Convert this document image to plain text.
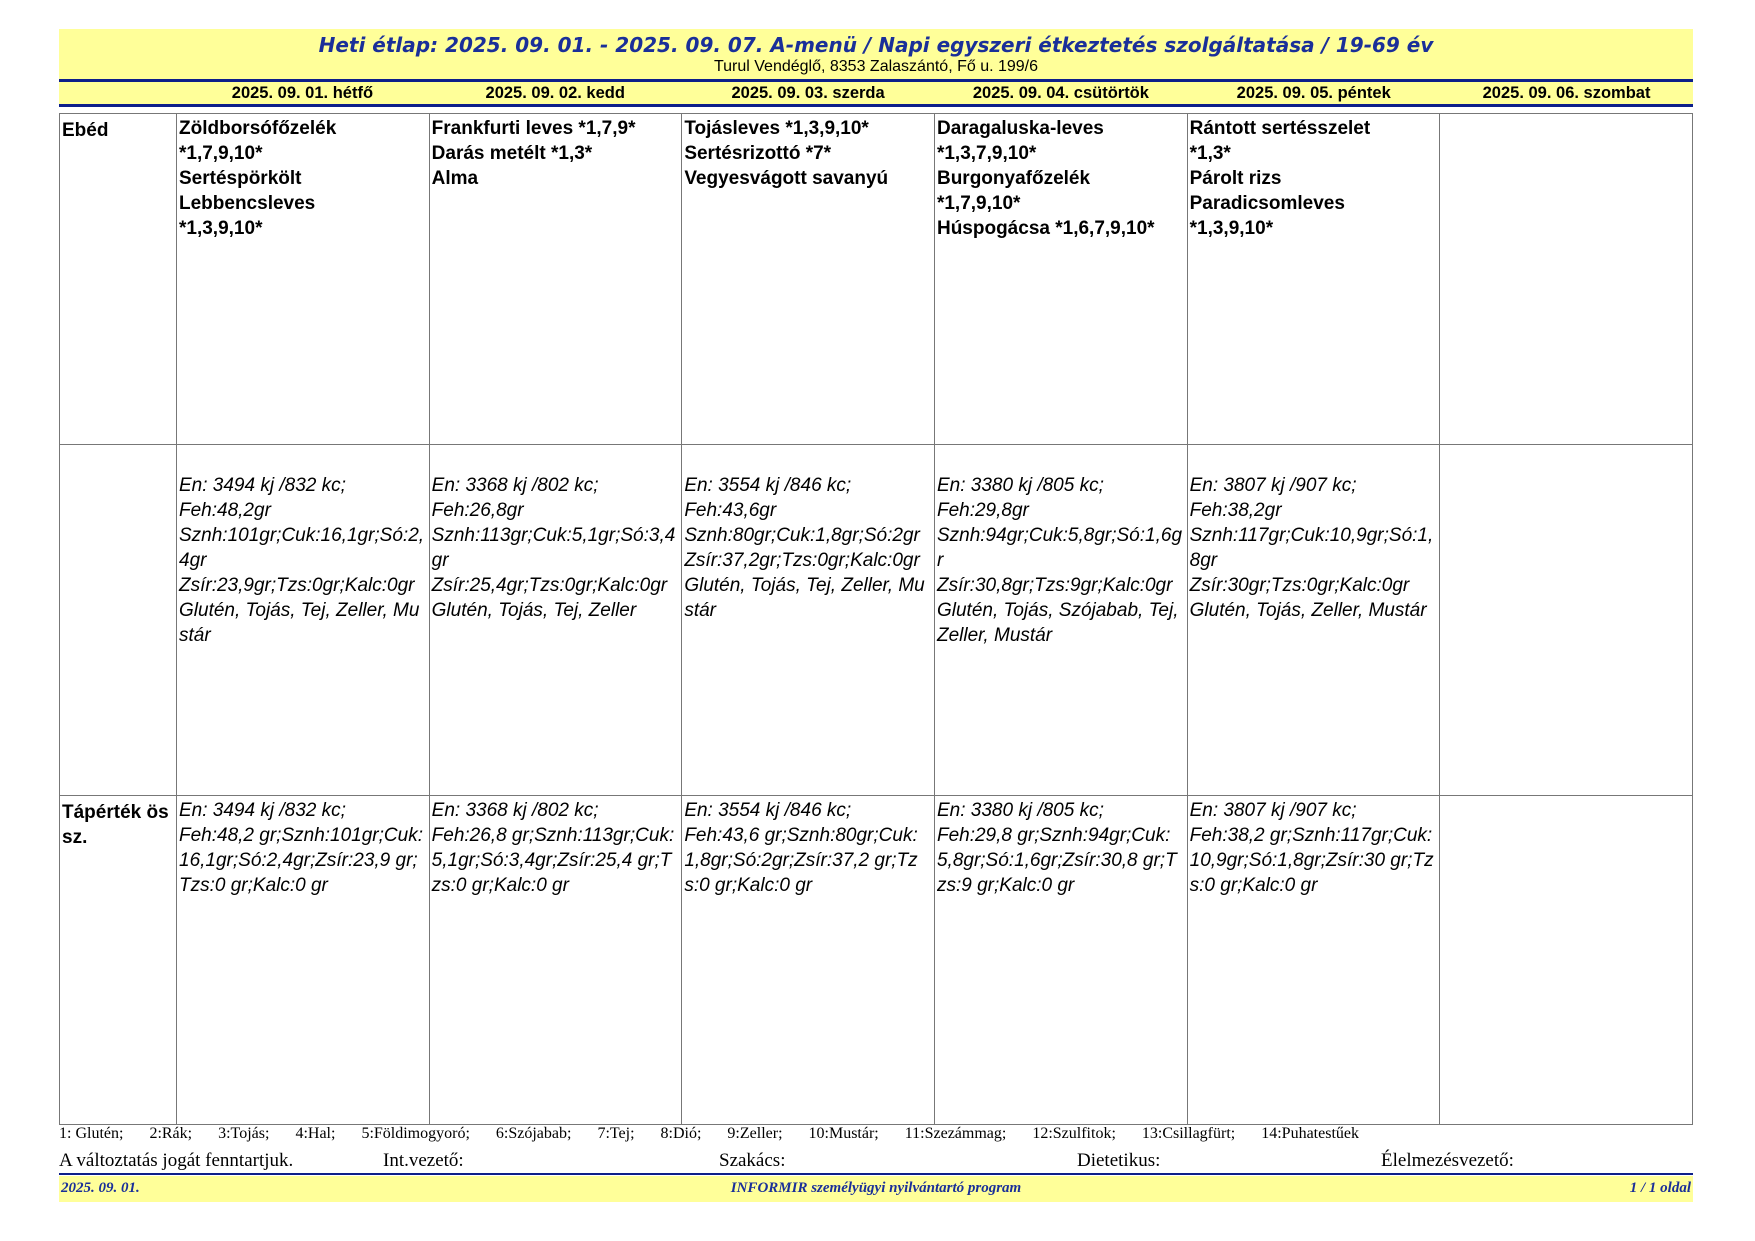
Heti étlap: 2025. 09. 01. - 2025. 09. 07. A-menü / Napi egyszeri étkeztetés szolgáltatása / 19-69 év
Turul Vendéglő, 8353 Zalaszántó, Fő u. 199/6
2025. 09. 01. hétfő	2025. 09. 02. kedd	2025. 09. 03. szerda	2025. 09. 04. csütörtök	2025. 09. 05. péntek	2025. 09. 06. szombat
Ebéd	Zöldborsófőzelék
*1,7,9,10*
Sertéspörkölt
Lebbencsleves
*1,3,9,10*	Frankfurti leves *1,7,9*
Darás metélt *1,3*
Alma	Tojásleves *1,3,9,10*
Sertésrizottó *7*
Vegyesvágott savanyú	Daragaluska-leves
*1,3,7,9,10*
Burgonyafőzelék
*1,7,9,10*
Húspogácsa *1,6,7,9,10*	Rántott sertésszelet
*1,3*
Párolt rizs
Paradicsomleves
*1,3,9,10*	
	En: 3494 kj /832 kc;
Feh:48,2gr
Sznh:101gr;Cuk:16,1gr;Só:2,4gr
Zsír:23,9gr;Tzs:0gr;Kalc:0gr
Glutén, Tojás, Tej, Zeller, Mustár	En: 3368 kj /802 kc;
Feh:26,8gr
Sznh:113gr;Cuk:5,1gr;Só:3,4gr
Zsír:25,4gr;Tzs:0gr;Kalc:0gr
Glutén, Tojás, Tej, Zeller	En: 3554 kj /846 kc;
Feh:43,6gr
Sznh:80gr;Cuk:1,8gr;Só:2gr
Zsír:37,2gr;Tzs:0gr;Kalc:0gr
Glutén, Tojás, Tej, Zeller, Mustár	En: 3380 kj /805 kc;
Feh:29,8gr
Sznh:94gr;Cuk:5,8gr;Só:1,6gr
Zsír:30,8gr;Tzs:9gr;Kalc:0gr
Glutén, Tojás, Szójabab, Tej, Zeller, Mustár	En: 3807 kj /907 kc;
Feh:38,2gr
Sznh:117gr;Cuk:10,9gr;Só:1,8gr
Zsír:30gr;Tzs:0gr;Kalc:0gr
Glutén, Tojás, Zeller, Mustár	
Tápérték össz.	En: 3494 kj /832 kc;
Feh:48,2 gr;Sznh:101gr;Cuk:16,1gr;Só:2,4gr;Zsír:23,9 gr;Tzs:0 gr;Kalc:0 gr	En: 3368 kj /802 kc;
Feh:26,8 gr;Sznh:113gr;Cuk:5,1gr;Só:3,4gr;Zsír:25,4 gr;Tzs:0 gr;Kalc:0 gr	En: 3554 kj /846 kc;
Feh:43,6 gr;Sznh:80gr;Cuk:1,8gr;Só:2gr;Zsír:37,2 gr;Tzs:0 gr;Kalc:0 gr	En: 3380 kj /805 kc;
Feh:29,8 gr;Sznh:94gr;Cuk:5,8gr;Só:1,6gr;Zsír:30,8 gr;Tzs:9 gr;Kalc:0 gr	En: 3807 kj /907 kc;
Feh:38,2 gr;Sznh:117gr;Cuk:10,9gr;Só:1,8gr;Zsír:30 gr;Tzs:0 gr;Kalc:0 gr	
1: Glutén; 2:Rák; 3:Tojás; 4:Hal; 5:Földimogyoró; 6:Szójabab; 7:Tej; 8:Dió; 9:Zeller; 10:Mustár; 11:Szezámmag; 12:Szulfitok; 13:Csillagfürt; 14:Puhatestűek
A változtatás jogát fenntartjuk.	Int.vezető:	Szakács:	Dietetikus:	Élelmezésvezető:
2025. 09. 01.	INFORMIR személyügyi nyilvántartó program	1 / 1 oldal
